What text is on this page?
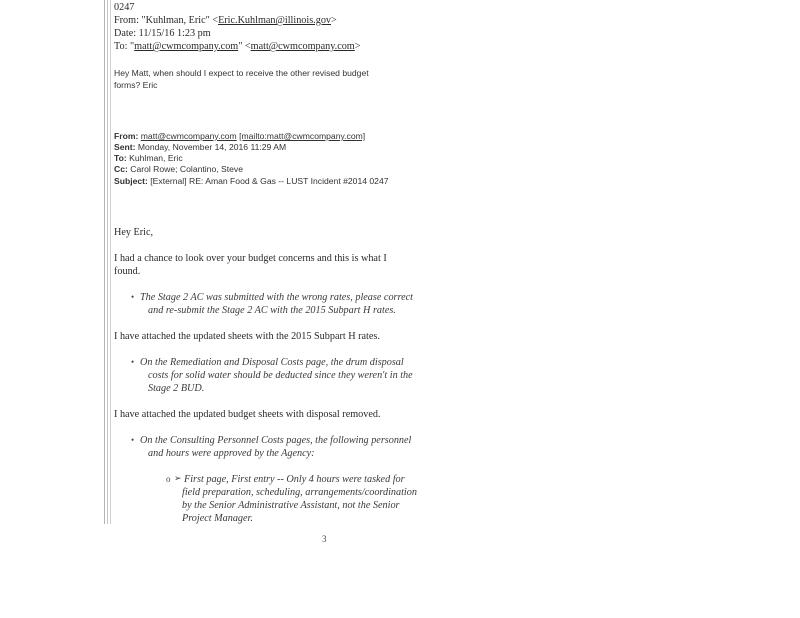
0247
From: "Kuhlman, Eric" <Eric.Kuhlman@illinois.gov>
Date: 11/15/16 1:23 pm
To: "matt@cwmcompany.com" <matt@cwmcompany.com>
Hey Matt, when should I expect to receive the other revised budget
forms? Eric
From: matt@cwmcompany.com [mailto:matt@cwmcompany.com]
Sent: Monday, November 14, 2016 11:29 AM
To: Kuhlman, Eric
Cc: Carol Rowe; Colantino, Steve
Subject: [External] RE: Aman Food & Gas -- LUST Incident #2014 0247
Hey Eric,
I had a chance to look over your budget concerns and this is what I
found.
• The Stage 2 AC was submitted with the wrong rates, please correct
and re-submit the Stage 2 AC with the 2015 Subpart H rates.
I have attached the updated sheets with the 2015 Subpart H rates.
• On the Remediation and Disposal Costs page, the drum disposal
costs for solid water should be deducted since they weren't in the
Stage 2 BUD.
I have attached the updated budget sheets with disposal removed.
• On the Consulting Personnel Costs pages, the following personnel
and hours were approved by the Agency:
o ➢ First page, First entry -- Only 4 hours were tasked for
field preparation, scheduling, arrangements/coordination
by the Senior Administrative Assistant, not the Senior
Project Manager.
3
